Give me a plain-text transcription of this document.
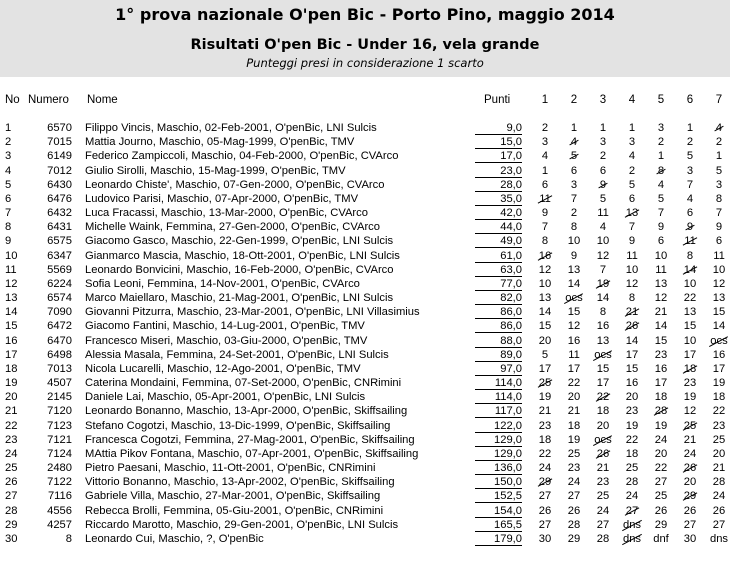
1° prova nazionale O'pen Bic - Porto Pino, maggio 2014
Risultati O'pen Bic - Under 16, vela grande
Punteggi presi in considerazione 1 scarto
No Numero Nome	Punti	1	2	3	4	5	6	7
1	6570 Filippo Vincis, Maschio, 02-Feb-2001, O'penBic, LNI Sulcis	9,0	2	1	1	1	3	1	4
2	7015 Mattia Journo, Maschio, 05-Mag-1999, O'penBic, TMV	15,0	3	4	3	3	2	2	2
3	6149 Federico Zampiccoli, Maschio, 04-Feb-2000, O'penBic, CVArco	17,0	4	5	2	4	1	5	1
4	7012 Giulio Sirolli, Maschio, 15-Mag-1999, O'penBic, TMV	23,0	1	6	6	2	8	3	5
5	6430 Leonardo Chiste', Maschio, 07-Gen-2000, O'penBic, CVArco	28,0	6	3	9	5	4	7	3
6	6476 Ludovico Parisi, Maschio, 07-Apr-2000, O'penBic, TMV	35,0	11	7	5	6	5	4	8
7	6432 Luca Fracassi, Maschio, 13-Mar-2000, O'penBic, CVArco	42,0	9	2	11	13	7	6	7
8	6431 Michelle Waink, Femmina, 27-Gen-2000, O'penBic, CVArco	44,0	7	8	4	7	9	9	9
9	6575 Giacomo Gasco, Maschio, 22-Gen-1999, O'penBic, LNI Sulcis	49,0	8	10	10	9	6	11	6
10	6347 Gianmarco Mascia, Maschio, 18-Ott-2001, O'penBic, LNI Sulcis	61,0	16	9	12	11	10	8	11
11	5569 Leonardo Bonvicini, Maschio, 16-Feb-2000, O'penBic, CVArco	63,0	12	13	7	10	11	14	10
12	6224 Sofia Leoni, Femmina, 14-Nov-2001, O'penBic, CVArco	77,0	10	14	19	12	13	10	12
13	6574 Marco Maiellaro, Maschio, 21-Mag-2001, O'penBic, LNI Sulcis	82,0	13	ocs	14	8	12	22	13
14	7090 Giovanni Pitzurra, Maschio, 23-Mar-2001, O'penBic, LNI Villasimius	86,0	14	15	8	21	21	13	15
15	6472 Giacomo Fantini, Maschio, 14-Lug-2001, O'penBic, TMV	86,0	15	12	16	26	14	15	14
16	6470 Francesco Miseri, Maschio, 03-Giu-2000, O'penBic, TMV	88,0	20	16	13	14	15	10	ocs
17	6498 Alessia Masala, Femmina, 24-Set-2001, O'penBic, LNI Sulcis	89,0	5	11	ocs	17	23	17	16
18	7013 Nicola Lucarelli, Maschio, 12-Ago-2001, O'penBic, TMV	97,0	17	17	15	15	16	18	17
19	4507 Caterina Mondaini, Femmina, 07-Set-2000, O'penBic, CNRimini	114,0	25	22	17	16	17	23	19
20	2145 Daniele Lai, Maschio, 05-Apr-2001, O'penBic, LNI Sulcis	114,0	19	20	22	20	18	19	18
21	7120 Leonardo Bonanno, Maschio, 13-Apr-2000, O'penBic, Skiffsailing	117,0	21	21	18	23	28	12	22
22	7123 Stefano Cogotzi, Maschio, 13-Dic-1999, O'penBic, Skiffsailing	122,0	23	18	20	19	19	25	23
23	7121 Francesca Cogotzi, Femmina, 27-Mag-2001, O'penBic, Skiffsailing	129,0	18	19	ocs	22	24	21	25
24	7124 MAttia Pikov Fontana, Maschio, 07-Apr-2001, O'penBic, Skiffsailing	129,0	22	25	26	18	20	24	20
25	2480 Pietro Paesani, Maschio, 11-Ott-2001, O'penBic, CNRimini	136,0	24	23	21	25	22	26	21
26	7122 Vittorio Bonanno, Maschio, 13-Apr-2002, O'penBic, Skiffsailing	150,0	29	24	23	28	27	20	28
27	7116 Gabriele Villa, Maschio, 27-Mar-2001, O'penBic, Skiffsailing	152,5	27	27	25	24	25	29	24
28	4556 Rebecca Brolli, Femmina, 05-Giu-2001, O'penBic, CNRimini	154,0	26	26	24	27	26	26	26
29	4257 Riccardo Marotto, Maschio, 29-Gen-2001, O'penBic, LNI Sulcis	165,5	27	28	27	dns	29	27	27
30	8 Leonardo Cui, Maschio, ?, O'penBic	179,0	30	29	28	dns	dnf	30	dns
